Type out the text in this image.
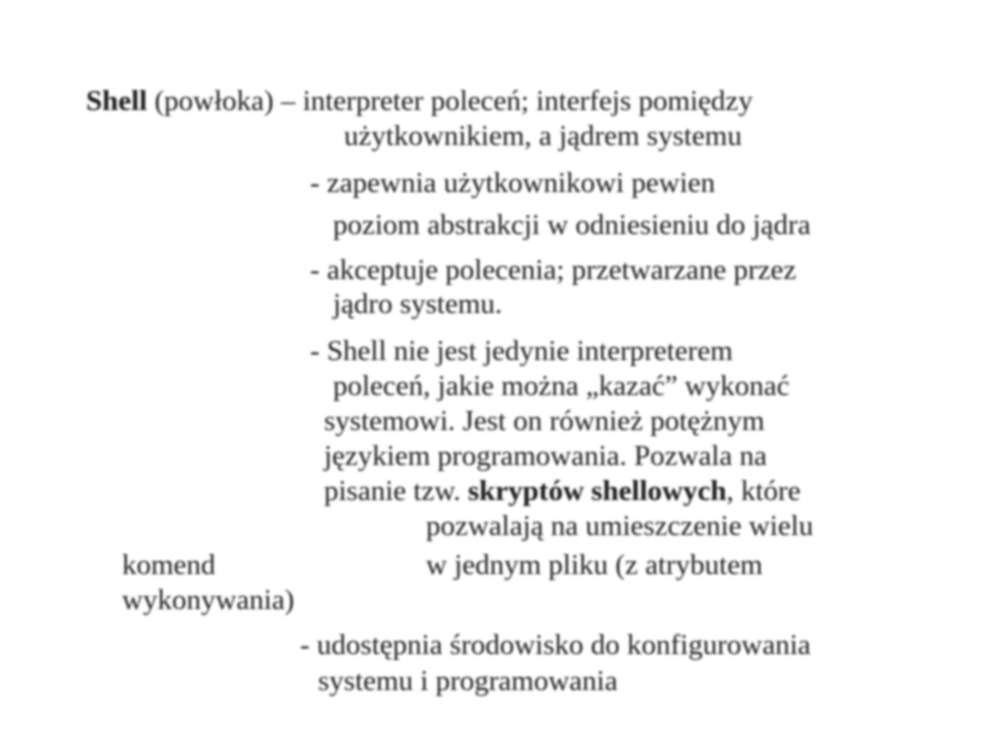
Shell (powłoka) – interpreter poleceń; interfejs pomiędzy
użytkownikiem, a jądrem systemu
- zapewnia użytkownikowi pewien
poziom abstrakcji w odniesieniu do jądra
- akceptuje polecenia; przetwarzane przez
jądro systemu.
- Shell nie jest jedynie interpreterem
poleceń, jakie można „kazać” wykonać
systemowi. Jest on również potężnym
językiem programowania. Pozwala na
pisanie tzw. skryptów shellowych, które
pozwalają na umieszczenie wielu
komend	w jednym pliku (z atrybutem
wykonywania)
- udostępnia środowisko do konfigurowania
systemu i programowania
